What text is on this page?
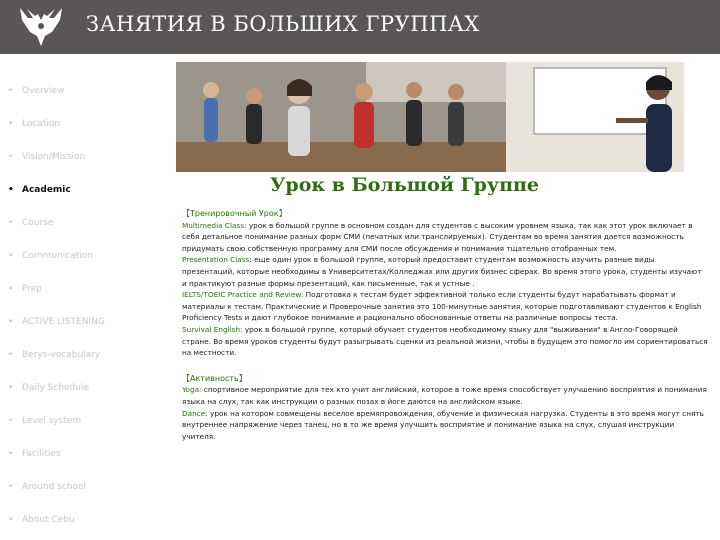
ЗАНЯТИЯ В БОЛЬШИХ ГРУППАХ
• Overview
• Location
• Vision/Mission
• Academic
• Course
• Communication
• Prep
• ACTIVE LISTENING
• Berys-vocabulary
• Daily Schedule
• Level system
• Facilities
• Around school
• About Cebu
Урок в Большой Группе
【Тренировочный Урок】
Multimedia Class: урок в большой группе в основном создан для студентов с высоким уровнем языка, так как этот урок включает в себя детальное понимание разных форм СМИ (печатных или транслируемых). Студентам во время занятия дается возможность придумать свою собственную программу для СМИ после обсуждения и понимания тщательно отобранных тем.
Presentation Class: еще один урок в большой группе, который предоставит студентам возможность изучить разные виды презентаций, которые необходимы в Университетах/Колледжах или других бизнес сферах. Во время этого урока, студенты изучают и практикуют разные формы презентаций, как письменные, так и устные .
IELTS/TOEIC Practice and Review: Подготовка к тестам будет эффективной только если студенты будут нарабатывать формат и материалы к тестам. Практические и Проверочные занятия это 100-минутные занятия, которые подготавливают студентов к English Proficiency Tests и дают глубокое понимание и рационально обоснованные ответы на различные вопросы теста.
Survival English: урок в большой группе, который обучает студентов необходимому языку для "выживания" в Англо-Говорящей стране. Во время уроков студенты будут разыгрывать сценки из реальной жизни, чтобы в будущем это помогло им сориентироваться на местности.
【Активность】
Yoga: спортивное мероприятие для тех кто учит английский, которое в тоже время способствует улучшению восприятия и понимания языка на слух, так как инструкции о разных позах в йоге даются на английском языке.
Dance: урок на котором совмещены веселое времяпровождения, обучение и физическая нагрузка. Студенты в это время могут снять внутреннее напряжение через танец, но в то же время улучшить восприятие и понимание языка на слух, слушая инструкции учителя.
